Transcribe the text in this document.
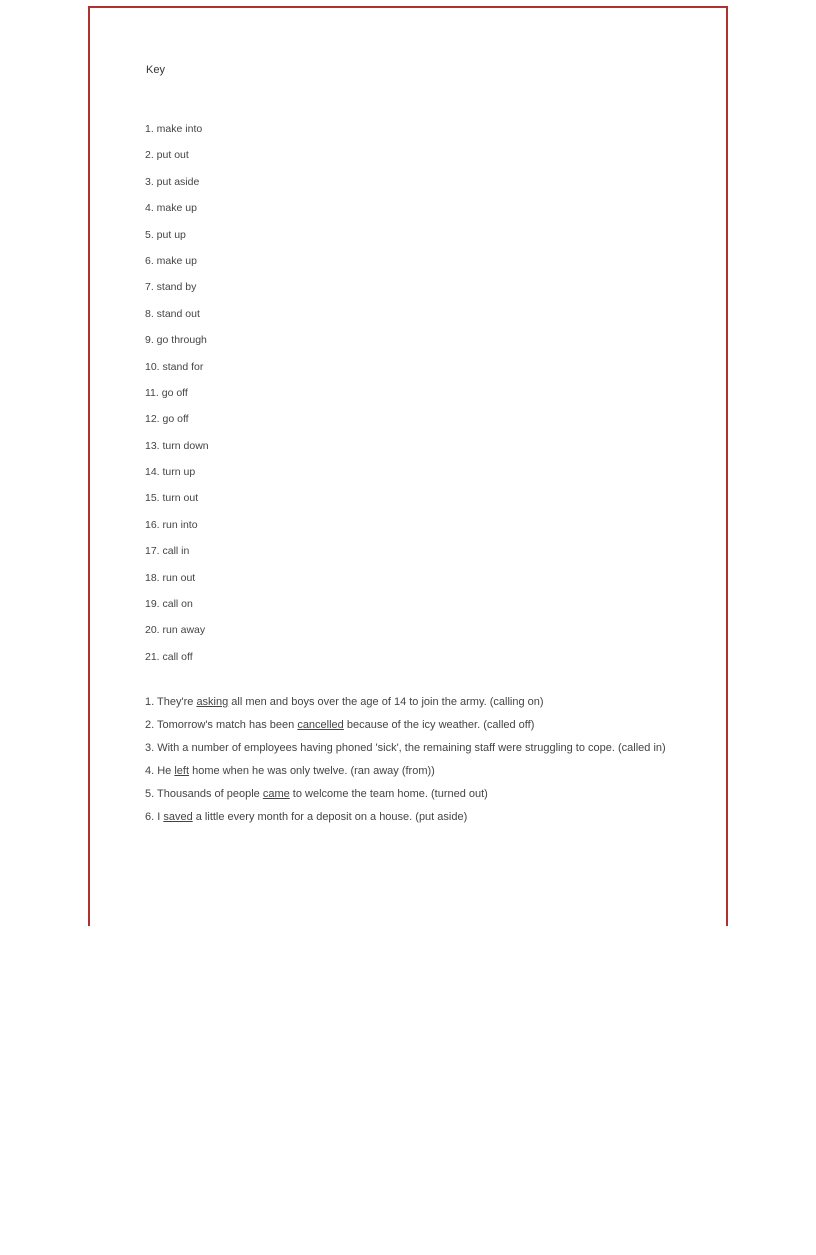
Key
1. make into
2. put out
3. put aside
4. make up
5. put up
6. make up
7. stand by
8. stand out
9. go through
10. stand for
11. go off
12. go off
13. turn down
14. turn up
15. turn out
16. run into
17. call in
18. run out
19. call on
20. run away
21. call off
1. They're asking all men and boys over the age of 14 to join the army. (calling on)
2. Tomorrow's match has been cancelled because of the icy weather. (called off)
3. With a number of employees having phoned 'sick', the remaining staff were struggling to cope. (called in)
4. He left home when he was only twelve. (ran away (from))
5. Thousands of people came to welcome the team home. (turned out)
6. I saved a little every month for a deposit on a house. (put aside)
